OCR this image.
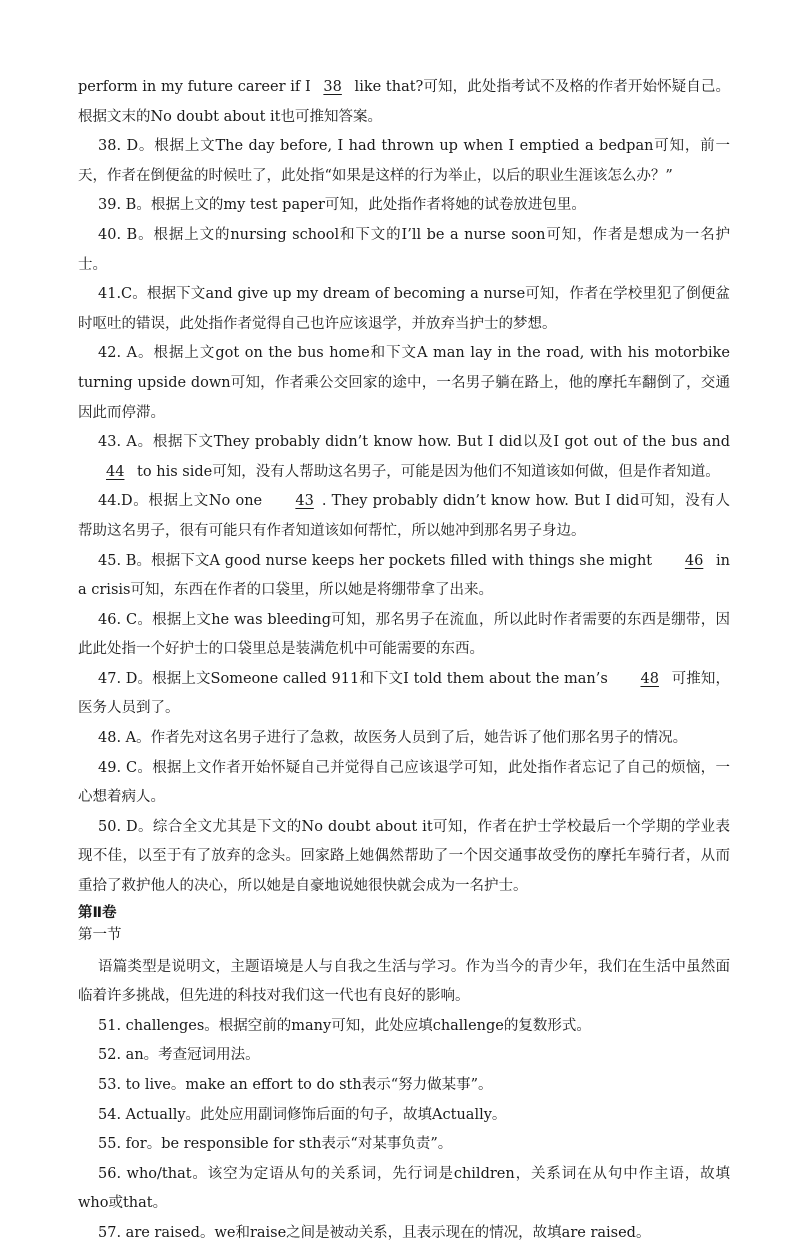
perform in my future career if I 38 like that?可知，此处指考试不及格的作者开始怀疑自己。根据文末的No doubt about it也可推知答案。

38. D。根据上文The day before, I had thrown up when I emptied a bedpan可知，前一天，作者在倒便盆的时候吐了，此处指“如果是这样的行为举止，以后的职业生涯该怎么办？”

39. B。根据上文的my test paper可知，此处指作者将她的试卷放进包里。

40. B。根据上文的nursing school和下文的I’ll be a nurse soon可知，作者是想成为一名护士。

41.C。根据下文and give up my dream of becoming a nurse可知，作者在学校里犯了倒便盆时呕吐的错误，此处指作者觉得自己也许应该退学，并放弃当护士的梦想。

42. A。根据上文got on the bus home和下文A man lay in the road, with his motorbike turning upside down可知，作者乘公交回家的途中，一名男子躺在路上，他的摩托车翻倒了，交通因此而停滞。

43. A。根据下文They probably didn’t know how. But I did以及I got out of the bus and 44 to his side可知，没有人帮助这名男子，可能是因为他们不知道该如何做，但是作者知道。

44.D。根据上文No one 43 . They probably didn’t know how. But I did可知，没有人帮助这名男子，很有可能只有作者知道该如何帮忙，所以她冲到那名男子身边。

45. B。根据下文A good nurse keeps her pockets filled with things she might 46 in a crisis可知，东西在作者的口袋里，所以她是将绷带拿了出来。

46. C。根据上文he was bleeding可知，那名男子在流血，所以此时作者需要的东西是绷带，因此此处指一个好护士的口袋里总是装满危机中可能需要的东西。

47. D。根据上文Someone called 911和下文I told them about the man’s 48 可推知，医务人员到了。

48. A。作者先对这名男子进行了急救，故医务人员到了后，她告诉了他们那名男子的情况。

49. C。根据上文作者开始怀疑自己并觉得自己应该退学可知，此处指作者忘记了自己的烦恼，一心想着病人。

50. D。综合全文尤其是下文的No doubt about it可知，作者在护士学校最后一个学期的学业表现不佳，以至于有了放弃的念头。回家路上她偶然帮助了一个因交通事故受伤的摩托车骑行者，从而重拾了救护他人的决心，所以她是自豪地说她很快就会成为一名护士。

第Ⅱ卷
第一节

语篇类型是说明文，主题语境是人与自我之生活与学习。作为当今的青少年，我们在生活中虽然面临着许多挑战，但先进的科技对我们这一代也有良好的影响。

51. challenges。根据空前的many可知，此处应填challenge的复数形式。

52. an。考查冠词用法。

53. to live。make an effort to do sth表示“努力做某事”。

54. Actually。此处应用副词修饰后面的句子，故填Actually。

55. for。be responsible for sth表示“对某事负责”。

56. who/that。该空为定语从句的关系词，先行词是children，关系词在从句中作主语，故填who或that。

57. are raised。we和raise之间是被动关系，且表示现在的情况，故填are raised。
